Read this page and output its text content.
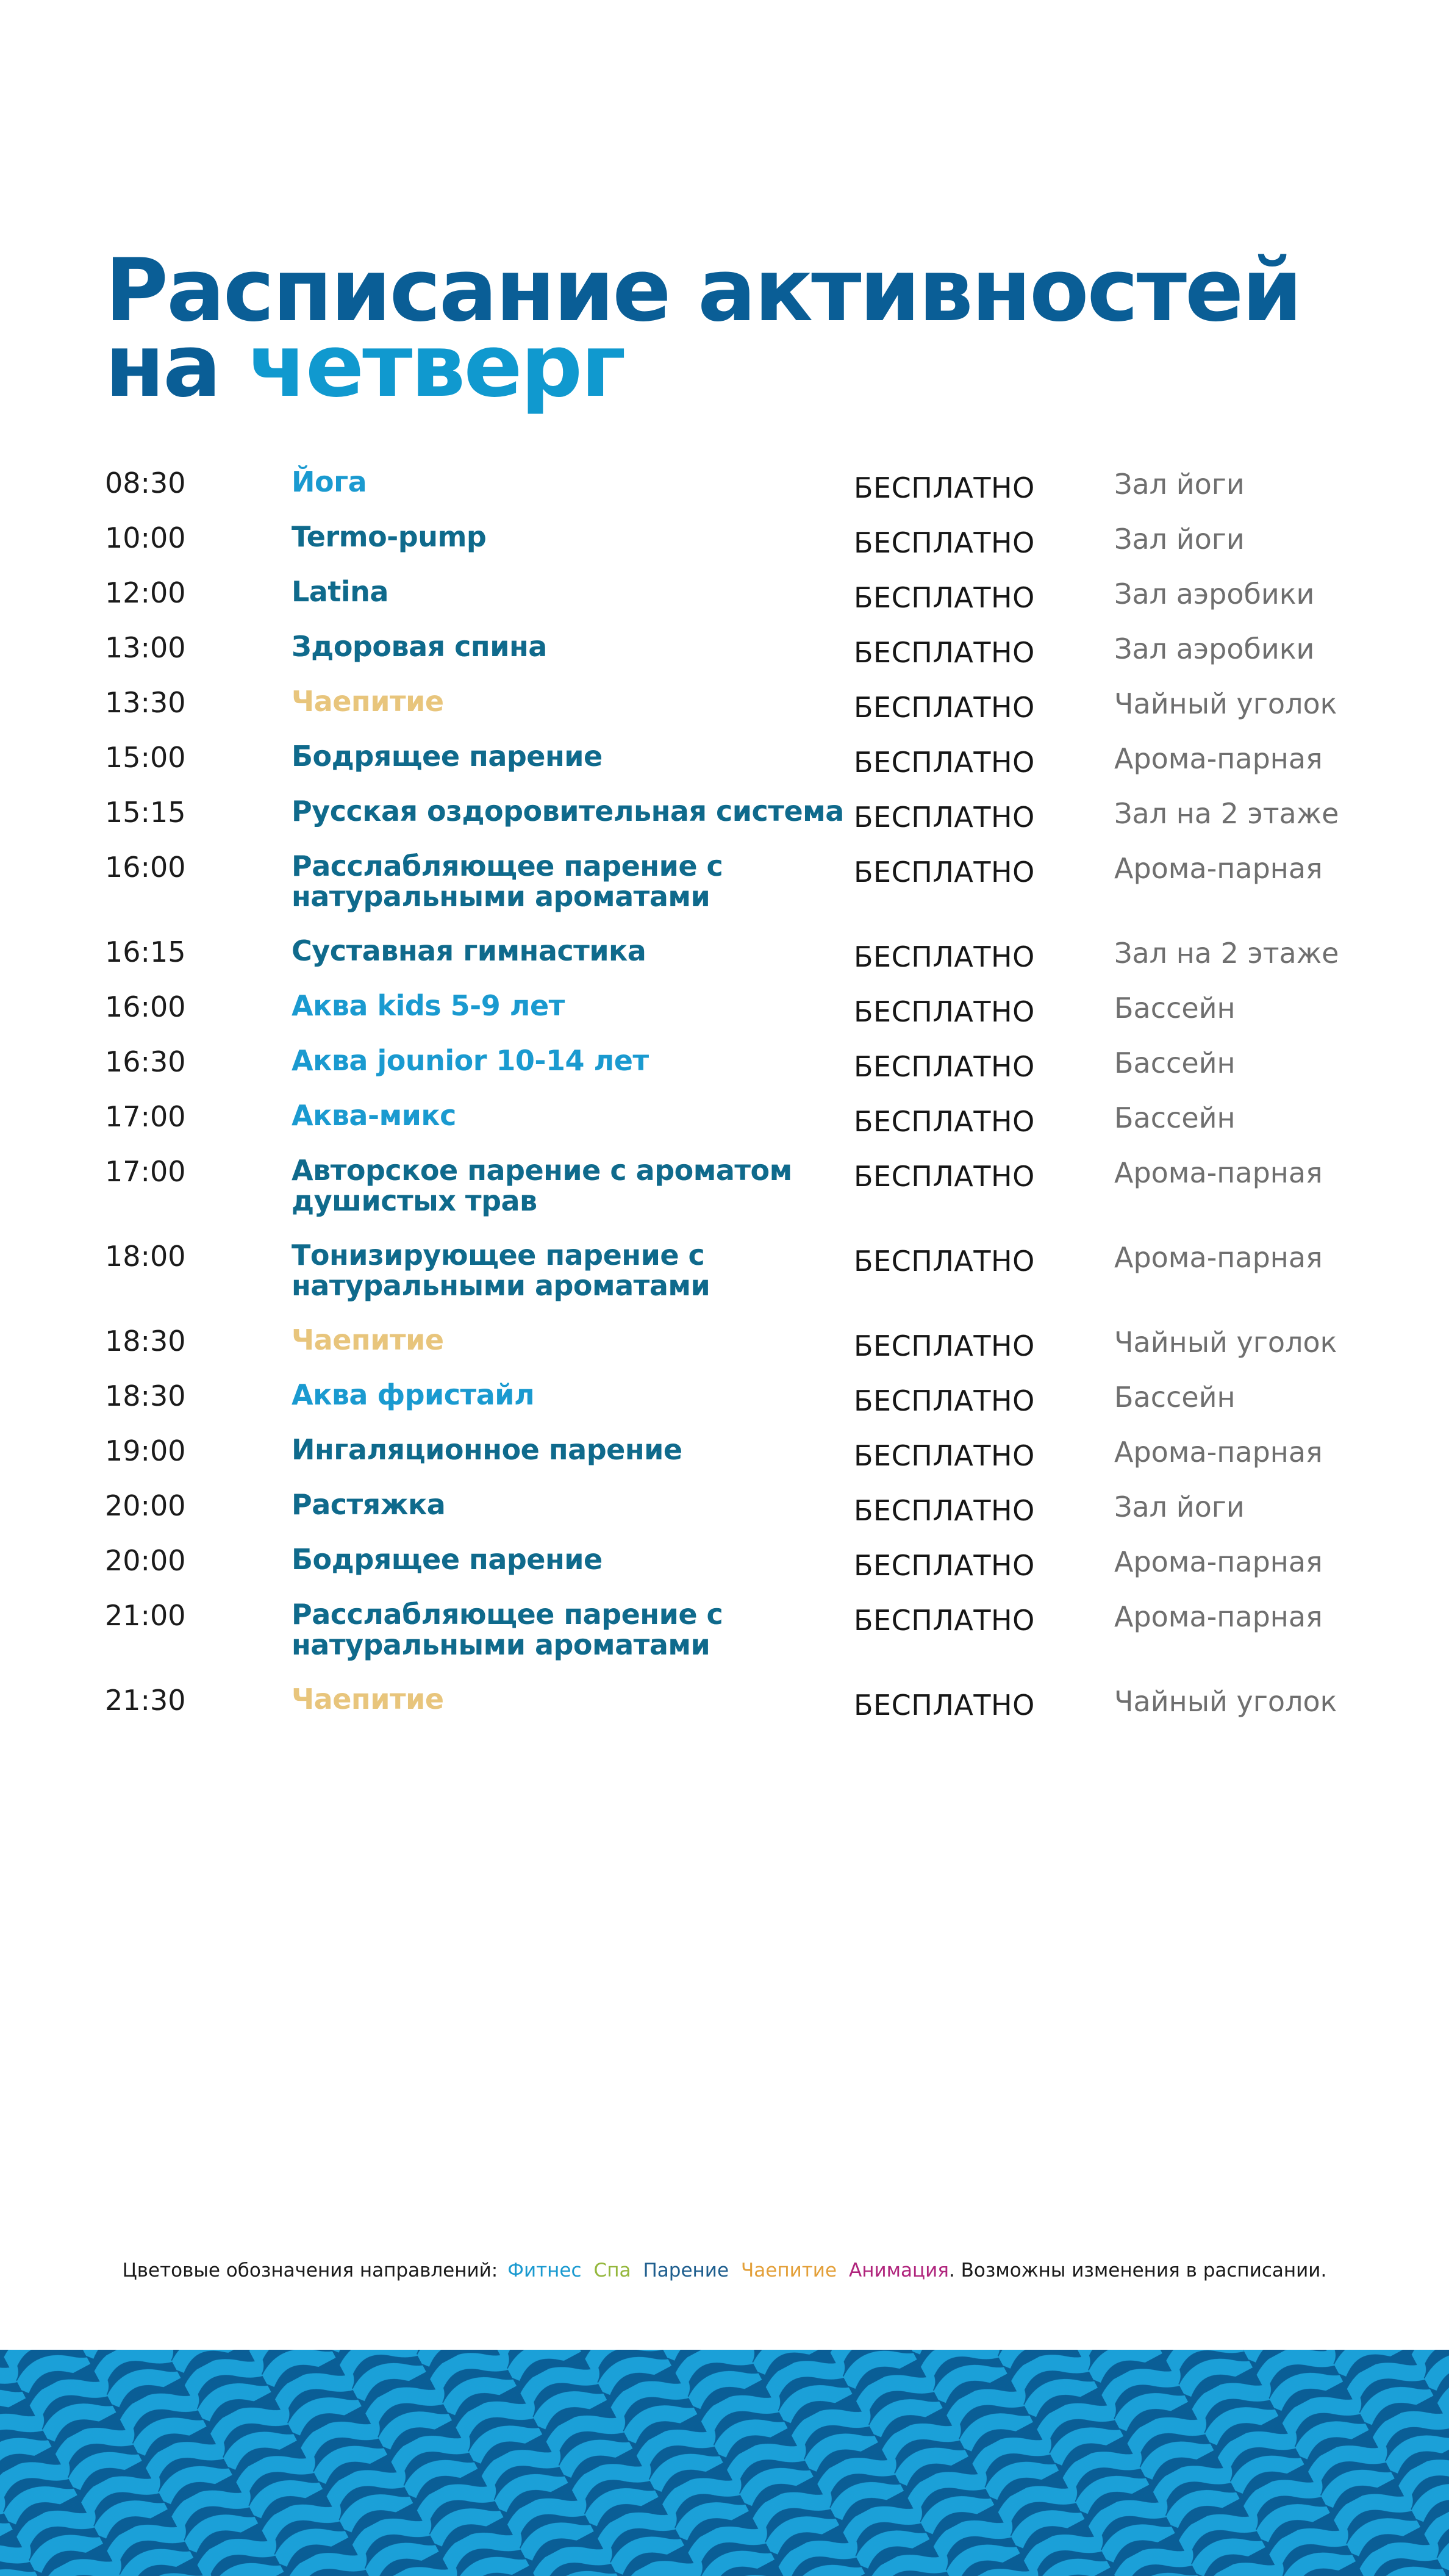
Расписание активностей
на четверг
08:30	Йога	БЕСПЛАТНО	Зал йоги
10:00	Termo-pump	БЕСПЛАТНО	Зал йоги
12:00	Latina	БЕСПЛАТНО	Зал аэробики
13:00	Здоровая спина	БЕСПЛАТНО	Зал аэробики
13:30	Чаепитие	БЕСПЛАТНО	Чайный уголок
15:00	Бодрящее парение	БЕСПЛАТНО	Арома-парная
15:15	Русская оздоровительная система БЕСПЛАТНО	Зал на 2 этаже
16:00	Расслабляющее парение с
натуральными ароматами
БЕСПЛАТНО	Арома-парная
16:15	Суставная гимнастика	БЕСПЛАТНО	Зал на 2 этаже
16:00	Аква kids 5-9 лет	БЕСПЛАТНО	Бассейн
16:30	Аква jounior 10-14 лет	БЕСПЛАТНО	Бассейн
17:00	Аква-микс	БЕСПЛАТНО	Бассейн
17:00	Авторское парение с ароматом
душистых трав
БЕСПЛАТНО	Арома-парная
18:00	Тонизирующее парение с
натуральными ароматами
БЕСПЛАТНО	Арома-парная
18:30	Чаепитие	БЕСПЛАТНО	Чайный уголок
18:30	Аква фристайл	БЕСПЛАТНО	Бассейн
19:00	Ингаляционное парение	БЕСПЛАТНО	Арома-парная
20:00	Растяжка	БЕСПЛАТНО	Зал йоги
20:00	Бодрящее парение	БЕСПЛАТНО	Арома-парная
21:00	Расслабляющее парение с
натуральными ароматами
БЕСПЛАТНО	Арома-парная
21:30	Чаепитие	БЕСПЛАТНО	Чайный уголок
Цветовые обозначения направлений: Фитнес Спа Парение Чаепитие Анимация. Возможны изменения в расписании.
